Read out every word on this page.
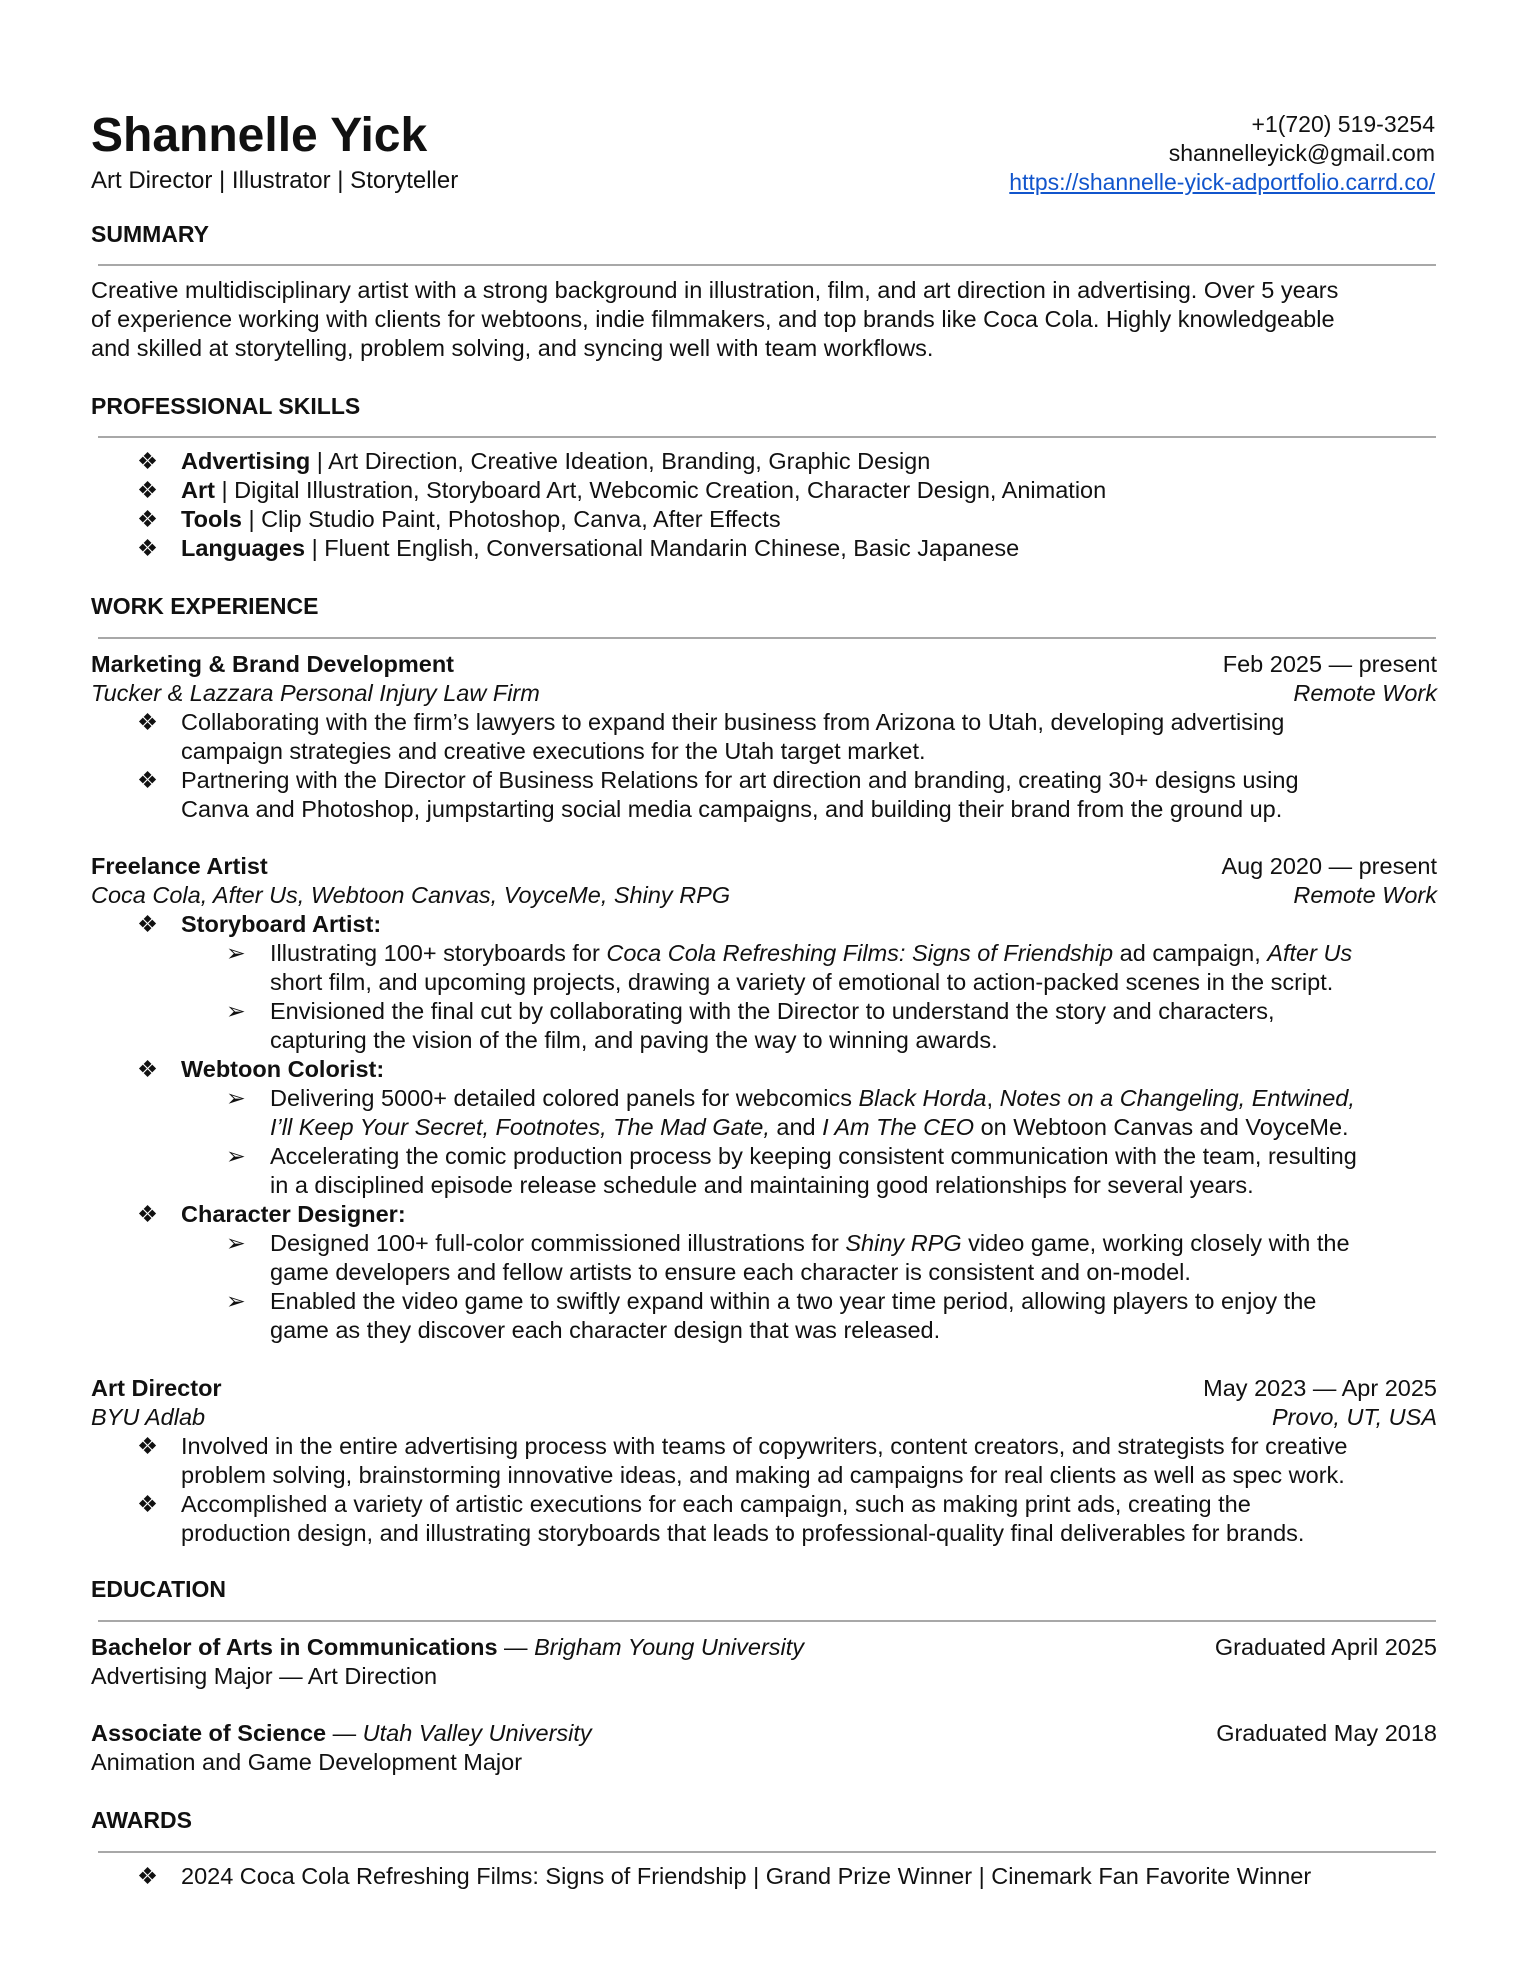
Shannelle Yick
Art Director | Illustrator | Storyteller
+1(720) 519-3254
shannelleyick@gmail.com
https://shannelle-yick-adportfolio.carrd.co/
SUMMARY
Creative multidisciplinary artist with a strong background in illustration, film, and art direction in advertising. Over 5 years
of experience working with clients for webtoons, indie filmmakers, and top brands like Coca Cola. Highly knowledgeable
and skilled at storytelling, problem solving, and syncing well with team workflows.
PROFESSIONAL SKILLS
❖ Advertising | Art Direction, Creative Ideation, Branding, Graphic Design
❖ Art | Digital Illustration, Storyboard Art, Webcomic Creation, Character Design, Animation
❖ Tools | Clip Studio Paint, Photoshop, Canva, After Effects
❖ Languages | Fluent English, Conversational Mandarin Chinese, Basic Japanese
WORK EXPERIENCE
Marketing & Brand Development	Feb 2025 — present
Tucker & Lazzara Personal Injury Law Firm	Remote Work
❖ Collaborating with the firm’s lawyers to expand their business from Arizona to Utah, developing advertising
campaign strategies and creative executions for the Utah target market.
❖ Partnering with the Director of Business Relations for art direction and branding, creating 30+ designs using
Canva and Photoshop, jumpstarting social media campaigns, and building their brand from the ground up.
Freelance Artist	Aug 2020 — present
Coca Cola, After Us, Webtoon Canvas, VoyceMe, Shiny RPG	Remote Work
❖ Storyboard Artist:
➢ Illustrating 100+ storyboards for Coca Cola Refreshing Films: Signs of Friendship ad campaign, After Us
short film, and upcoming projects, drawing a variety of emotional to action-packed scenes in the script.
➢ Envisioned the final cut by collaborating with the Director to understand the story and characters,
capturing the vision of the film, and paving the way to winning awards.
❖ Webtoon Colorist:
➢ Delivering 5000+ detailed colored panels for webcomics Black Horda, Notes on a Changeling, Entwined,
I’ll Keep Your Secret, Footnotes, The Mad Gate, and I Am The CEO on Webtoon Canvas and VoyceMe.
➢ Accelerating the comic production process by keeping consistent communication with the team, resulting
in a disciplined episode release schedule and maintaining good relationships for several years.
❖ Character Designer:
➢ Designed 100+ full-color commissioned illustrations for Shiny RPG video game, working closely with the
game developers and fellow artists to ensure each character is consistent and on-model.
➢ Enabled the video game to swiftly expand within a two year time period, allowing players to enjoy the
game as they discover each character design that was released.
Art Director	May 2023 — Apr 2025
BYU Adlab	Provo, UT, USA
❖ Involved in the entire advertising process with teams of copywriters, content creators, and strategists for creative
problem solving, brainstorming innovative ideas, and making ad campaigns for real clients as well as spec work.
❖ Accomplished a variety of artistic executions for each campaign, such as making print ads, creating the
production design, and illustrating storyboards that leads to professional-quality final deliverables for brands.
EDUCATION
Bachelor of Arts in Communications — Brigham Young University	Graduated April 2025
Advertising Major — Art Direction
Associate of Science — Utah Valley University	Graduated May 2018
Animation and Game Development Major
AWARDS
❖ 2024 Coca Cola Refreshing Films: Signs of Friendship | Grand Prize Winner | Cinemark Fan Favorite Winner
